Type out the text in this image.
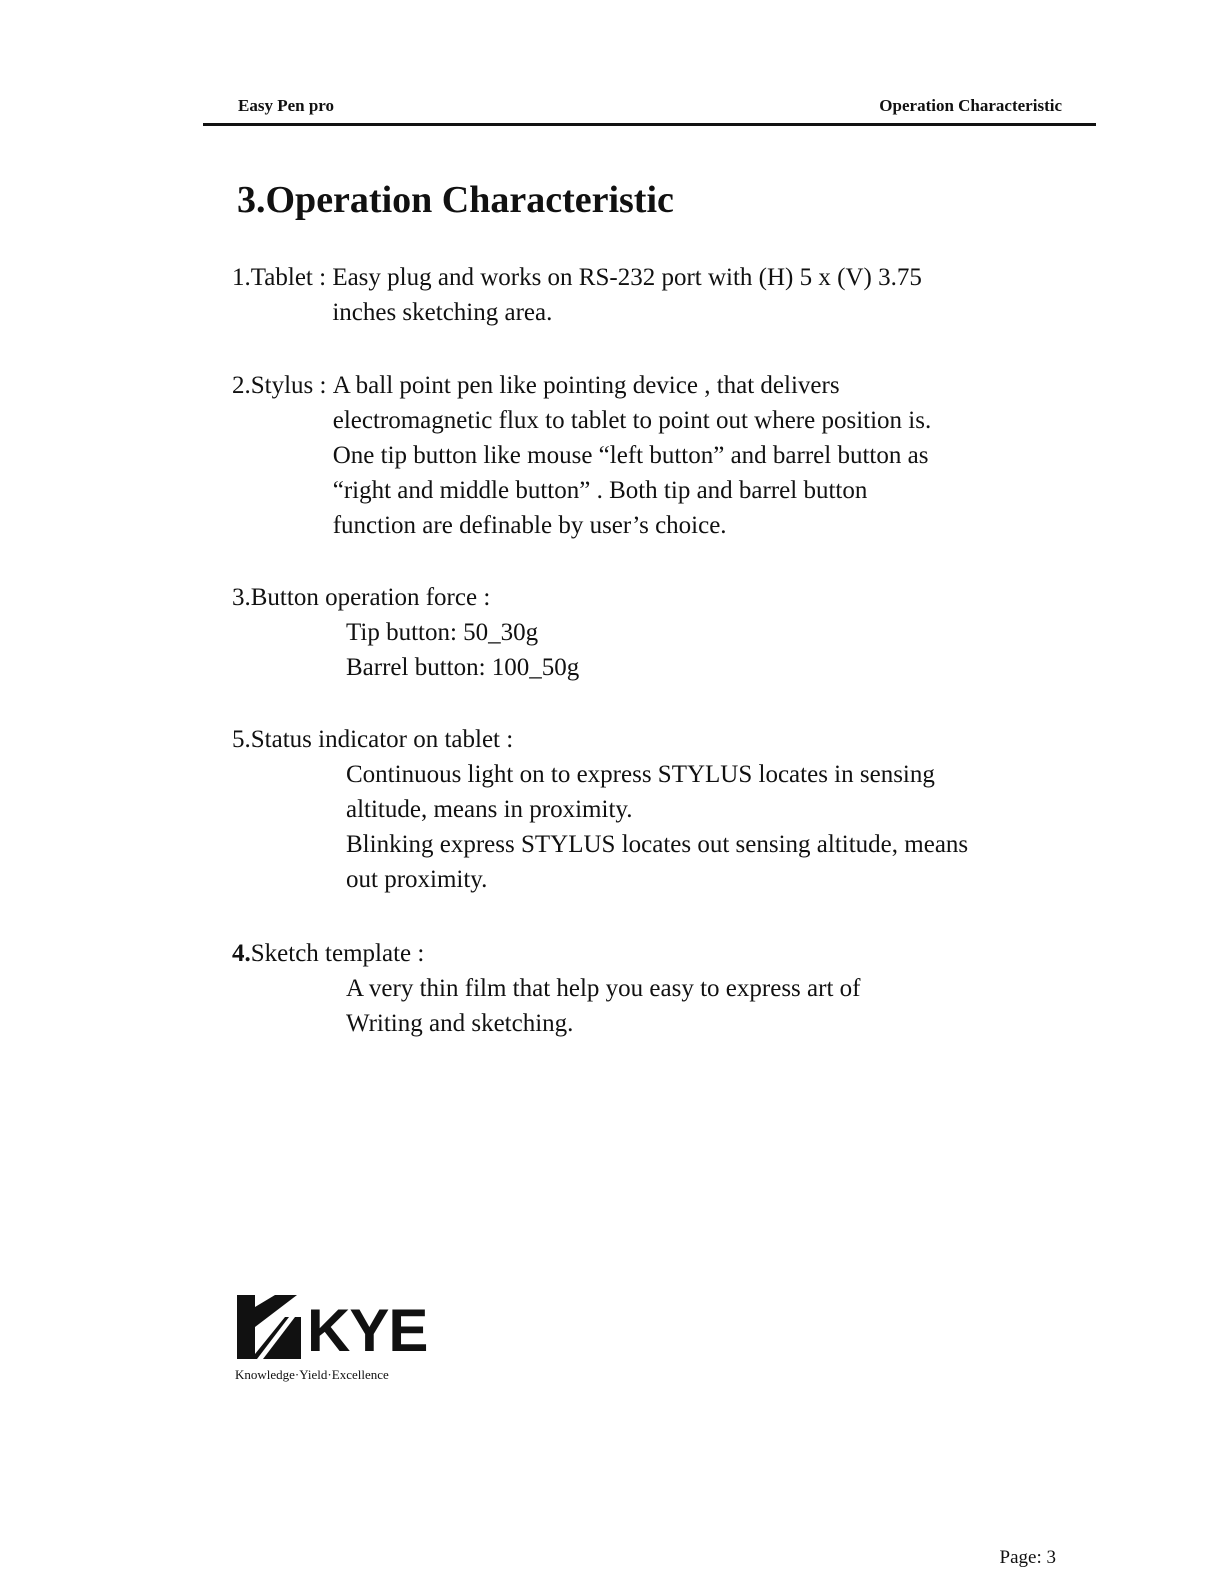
Easy Pen pro	Operation Characteristic
3.Operation Characteristic
1.Tablet : Easy plug and works on RS-232 port with (H) 5 x (V) 3.75
inches sketching area.
2.Stylus : A ball point pen like pointing device , that delivers
electromagnetic flux to tablet to point out where position is.
One tip button like mouse “left button” and barrel button as
“right and middle button” . Both tip and barrel button
function are definable by user’s choice.
3.Button operation force :
Tip button: 50_30g
Barrel button: 100_50g
5.Status indicator on tablet :
Continuous light on to express STYLUS locates in sensing
altitude, means in proximity.
Blinking express STYLUS locates out sensing altitude, means
out proximity.
4.Sketch template :
A very thin film that help you easy to express art of
Writing and sketching.
KYE
Knowledge·Yield·Excellence
Page: 3
